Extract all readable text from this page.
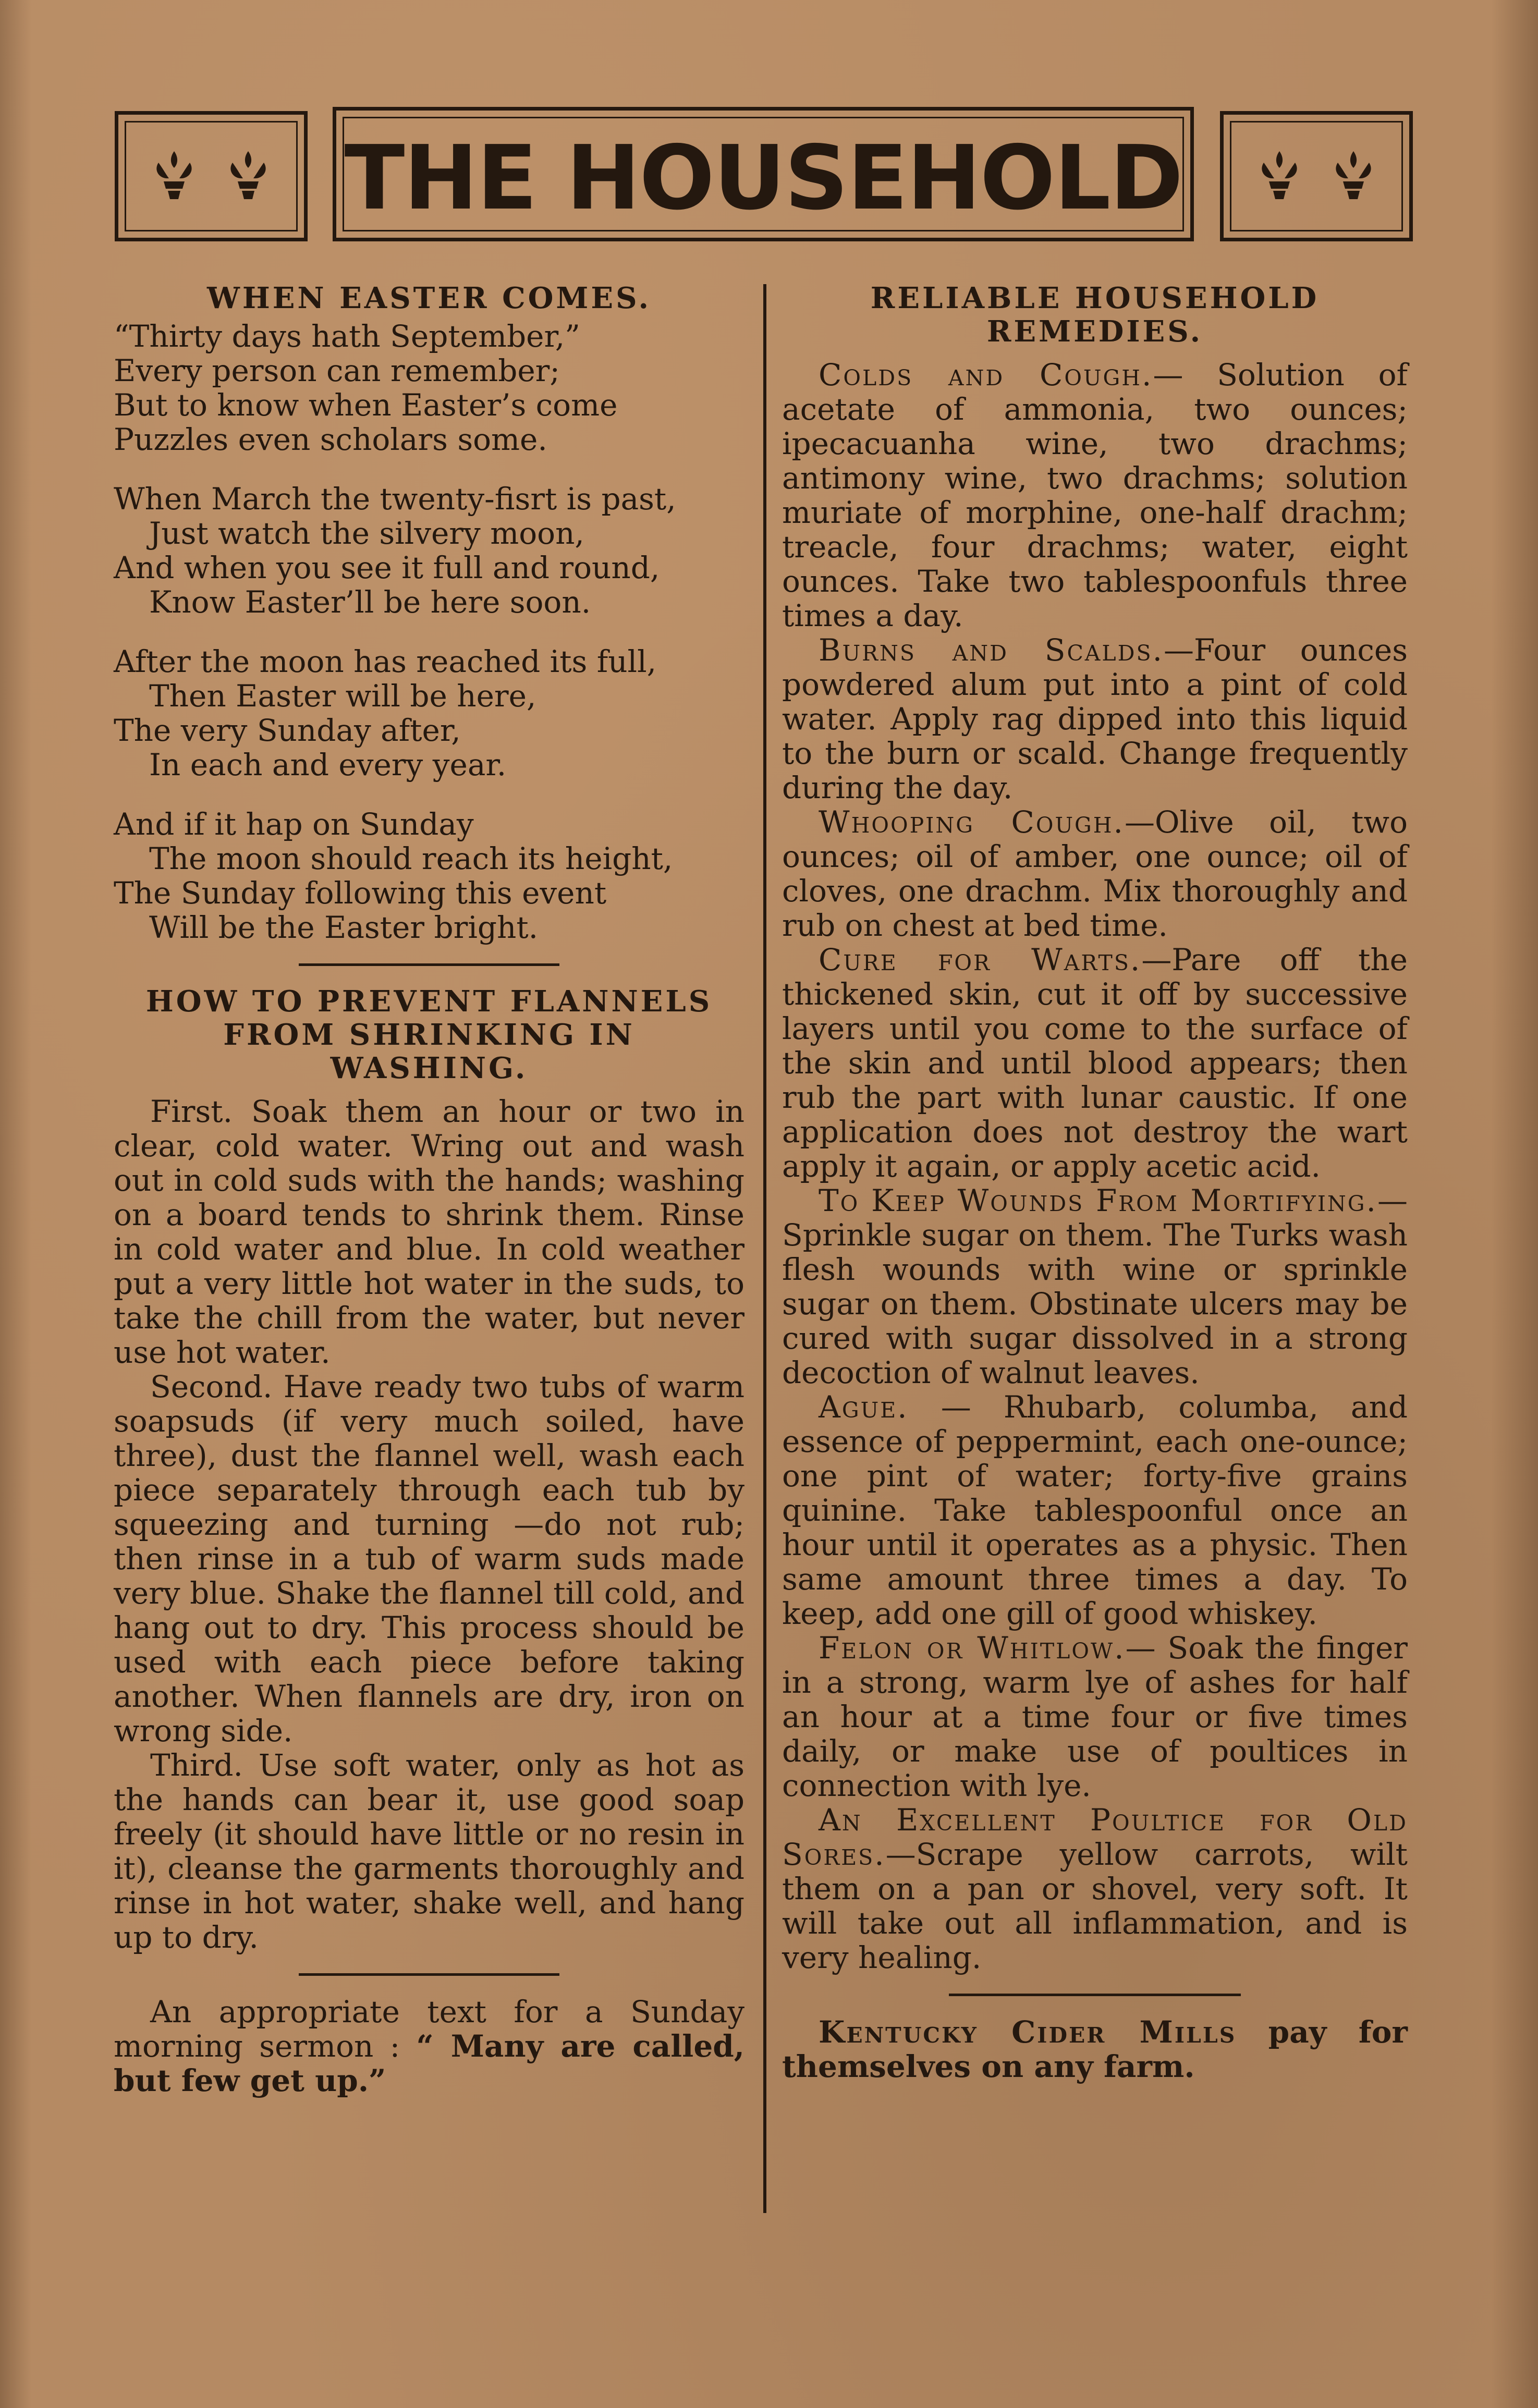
THE HOUSEHOLD

WHEN EASTER COMES.
“Thirty days hath September,”
Every person can remember;
But to know when Easter’s come
Puzzles even scholars some.
When March the twenty-fisrt is past,
Just watch the silvery moon,
And when you see it full and round,
Know Easter’ll be here soon.
After the moon has reached its full,
Then Easter will be here,
The very Sunday after,
In each and every year.
And if it hap on Sunday
The moon should reach its height,
The Sunday following this event
Will be the Easter bright.
HOW TO PREVENT FLANNELS
FROM SHRINKING IN
WASHING.

First. Soak them an hour or two in clear, cold water. Wring out and wash out in cold suds with the hands; washing on a board tends to shrink them. Rinse in cold water and blue. In cold weather put a very little hot water in the suds, to take the chill from the water, but never use hot water.

Second. Have ready two tubs of warm soapsuds (if very much soiled, have three), dust the flannel well, wash each piece separately through each tub by squeezing and turning —do not rub; then rinse in a tub of warm suds made very blue. Shake the flannel till cold, and hang out to dry. This process should be used with each piece before taking another. When flannels are dry, iron on wrong side.

Third. Use soft water, only as hot as the hands can bear it, use good soap freely (it should have little or no resin in it), cleanse the garments thoroughly and rinse in hot water, shake well, and hang up to dry.

An appropriate text for a Sunday morning sermon : “ Many are called, but few get up.”

RELIABLE HOUSEHOLD
REMEDIES.

Colds and Cough.— Solution of acetate of ammonia, two ounces; ipecacuanha wine, two drachms; antimony wine, two drachms; solution muriate of morphine, one-half drachm; treacle, four drachms; water, eight ounces. Take two tablespoonfuls three times a day.

Burns and Scalds.—Four ounces powdered alum put into a pint of cold water. Apply rag dipped into this liquid to the burn or scald. Change frequently during the day.

Whooping Cough.—Olive oil, two ounces; oil of amber, one ounce; oil of cloves, one drachm. Mix thoroughly and rub on chest at bed time.

Cure for Warts.—Pare off the thickened skin, cut it off by successive layers until you come to the surface of the skin and until blood appears; then rub the part with lunar caustic. If one application does not destroy the wart apply it again, or apply acetic acid.

To Keep Wounds From Mortifying.—Sprinkle sugar on them. The Turks wash flesh wounds with wine or sprinkle sugar on them. Obstinate ulcers may be cured with sugar dissolved in a strong decoction of walnut leaves.

Ague. — Rhubarb, columba, and essence of peppermint, each one-ounce; one pint of water; forty-five grains quinine. Take tablespoonful once an hour until it operates as a physic. Then same amount three times a day. To keep, add one gill of good whiskey.

Felon or Whitlow.— Soak the finger in a strong, warm lye of ashes for half an hour at a time four or five times daily, or make use of poultices in connection with lye.

An Excellent Poultice for Old Sores.—Scrape yellow carrots, wilt them on a pan or shovel, very soft. It will take out all inflammation, and is very healing.

Kentucky Cider Mills pay for themselves on any farm.
